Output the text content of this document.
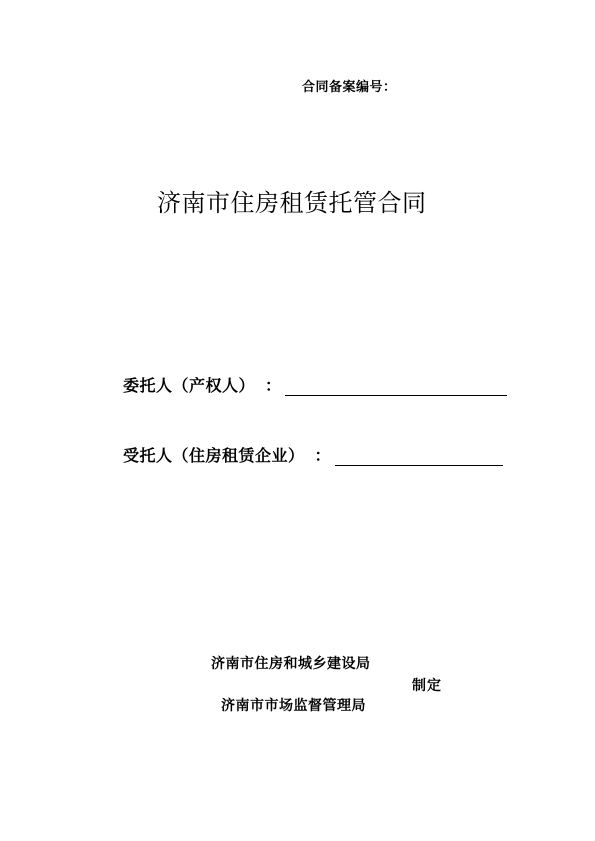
合同备案编号：
济南市住房租赁托管合同
委托人（产权人） ：
受托人（住房租赁企业） ：
济南市住房和城乡建设局
制定
济南市市场监督管理局
